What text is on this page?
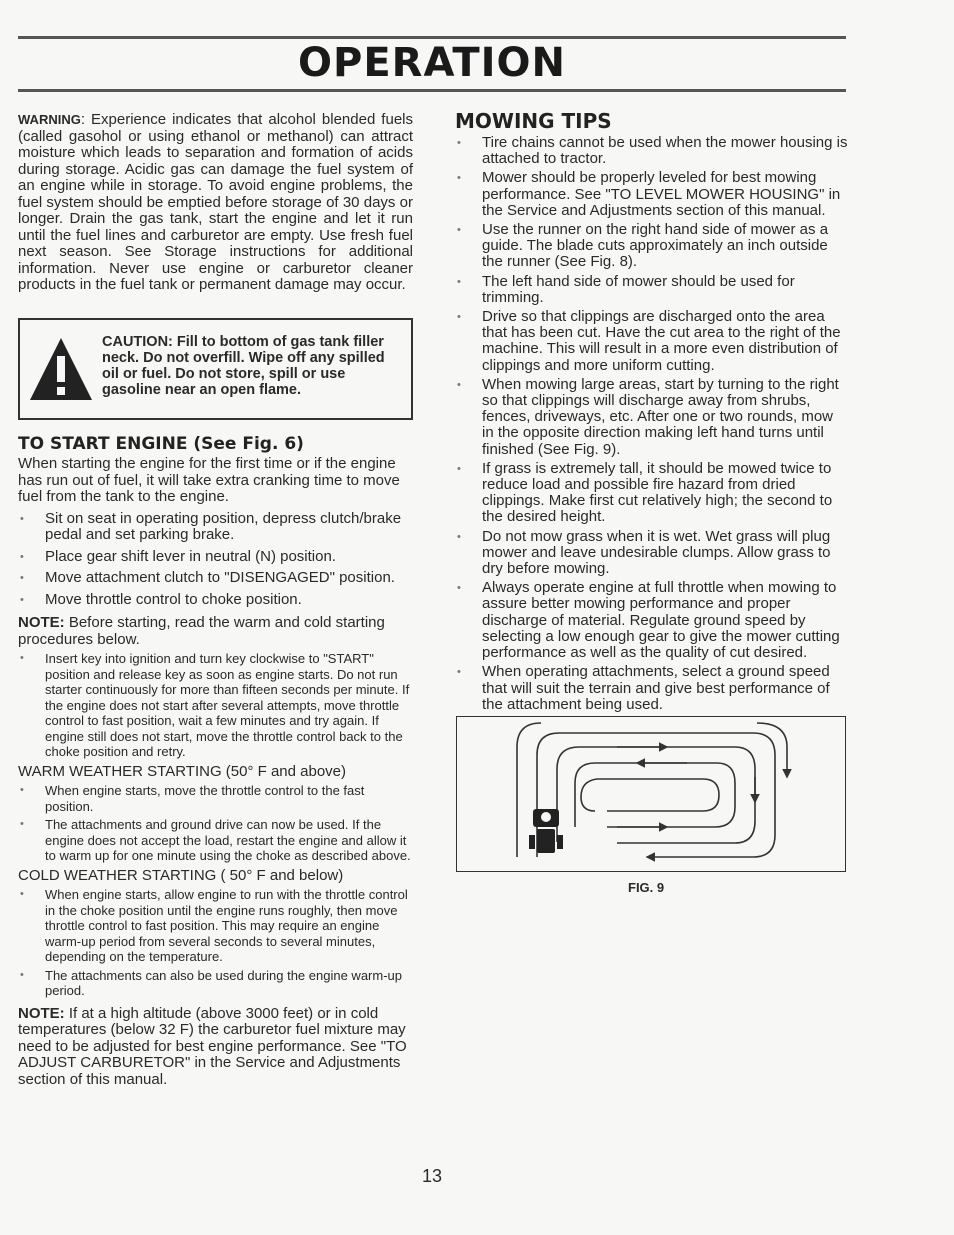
OPERATION

WARNING: Experience indicates that alcohol blended fuels (called gasohol or using ethanol or methanol) can attract moisture which leads to separation and formation of acids during storage. Acidic gas can damage the fuel system of an engine while in storage. To avoid engine problems, the fuel system should be emptied before storage of 30 days or longer. Drain the gas tank, start the engine and let it run until the fuel lines and carburetor are empty. Use fresh fuel next season. See Storage instructions for additional information. Never use engine or carburetor cleaner products in the fuel tank or permanent damage may occur.

CAUTION: Fill to bottom of gas tank filler neck. Do not overfill. Wipe off any spilled oil or fuel. Do not store, spill or use gasoline near an open flame.
TO START ENGINE (See Fig. 6)

When starting the engine for the first time or if the engine has run out of fuel, it will take extra cranking time to move fuel from the tank to the engine.

• Sit on seat in operating position, depress clutch/brake pedal and set parking brake.
• Place gear shift lever in neutral (N) position.
• Move attachment clutch to "DISENGAGED" position.
• Move throttle control to choke position.

NOTE: Before starting, read the warm and cold starting procedures below.

• Insert key into ignition and turn key clockwise to "START" position and release key as soon as engine starts. Do not run starter continuously for more than fifteen seconds per minute. If the engine does not start after several attempts, move throttle control to fast position, wait a few minutes and try again. If engine still does not start, move the throttle control back to the choke position and retry.

WARM WEATHER STARTING (50° F and above)

• When engine starts, move the throttle control to the fast position.
• The attachments and ground drive can now be used. If the engine does not accept the load, restart the engine and allow it to warm up for one minute using the choke as described above.

COLD WEATHER STARTING ( 50° F and below)

• When engine starts, allow engine to run with the throttle control in the choke position until the engine runs roughly, then move throttle control to fast position. This may require an engine warm-up period from several seconds to several minutes, depending on the temperature.
• The attachments can also be used during the engine warm-up period.

NOTE: If at a high altitude (above 3000 feet) or in cold temperatures (below 32 F) the carburetor fuel mixture may need to be adjusted for best engine performance. See "TO ADJUST CARBURETOR" in the Service and Adjustments section of this manual.

MOWING TIPS
• Tire chains cannot be used when the mower housing is attached to tractor.
• Mower should be properly leveled for best mowing performance. See "TO LEVEL MOWER HOUSING" in the Service and Adjustments section of this manual.
• Use the runner on the right hand side of mower as a guide. The blade cuts approximately an inch outside the runner (See Fig. 8).
• The left hand side of mower should be used for trimming.
• Drive so that clippings are discharged onto the area that has been cut. Have the cut area to the right of the machine. This will result in a more even distribution of clippings and more uniform cutting.
• When mowing large areas, start by turning to the right so that clippings will discharge away from shrubs, fences, driveways, etc. After one or two rounds, mow in the opposite direction making left hand turns until finished (See Fig. 9).
• If grass is extremely tall, it should be mowed twice to reduce load and possible fire hazard from dried clippings. Make first cut relatively high; the second to the desired height.
• Do not mow grass when it is wet. Wet grass will plug mower and leave undesirable clumps. Allow grass to dry before mowing.
• Always operate engine at full throttle when mowing to assure better mowing performance and proper discharge of material. Regulate ground speed by selecting a low enough gear to give the mower cutting performance as well as the quality of cut desired.
• When operating attachments, select a ground speed that will suit the terrain and give best performance of the attachment being used.
FIG. 9
13
